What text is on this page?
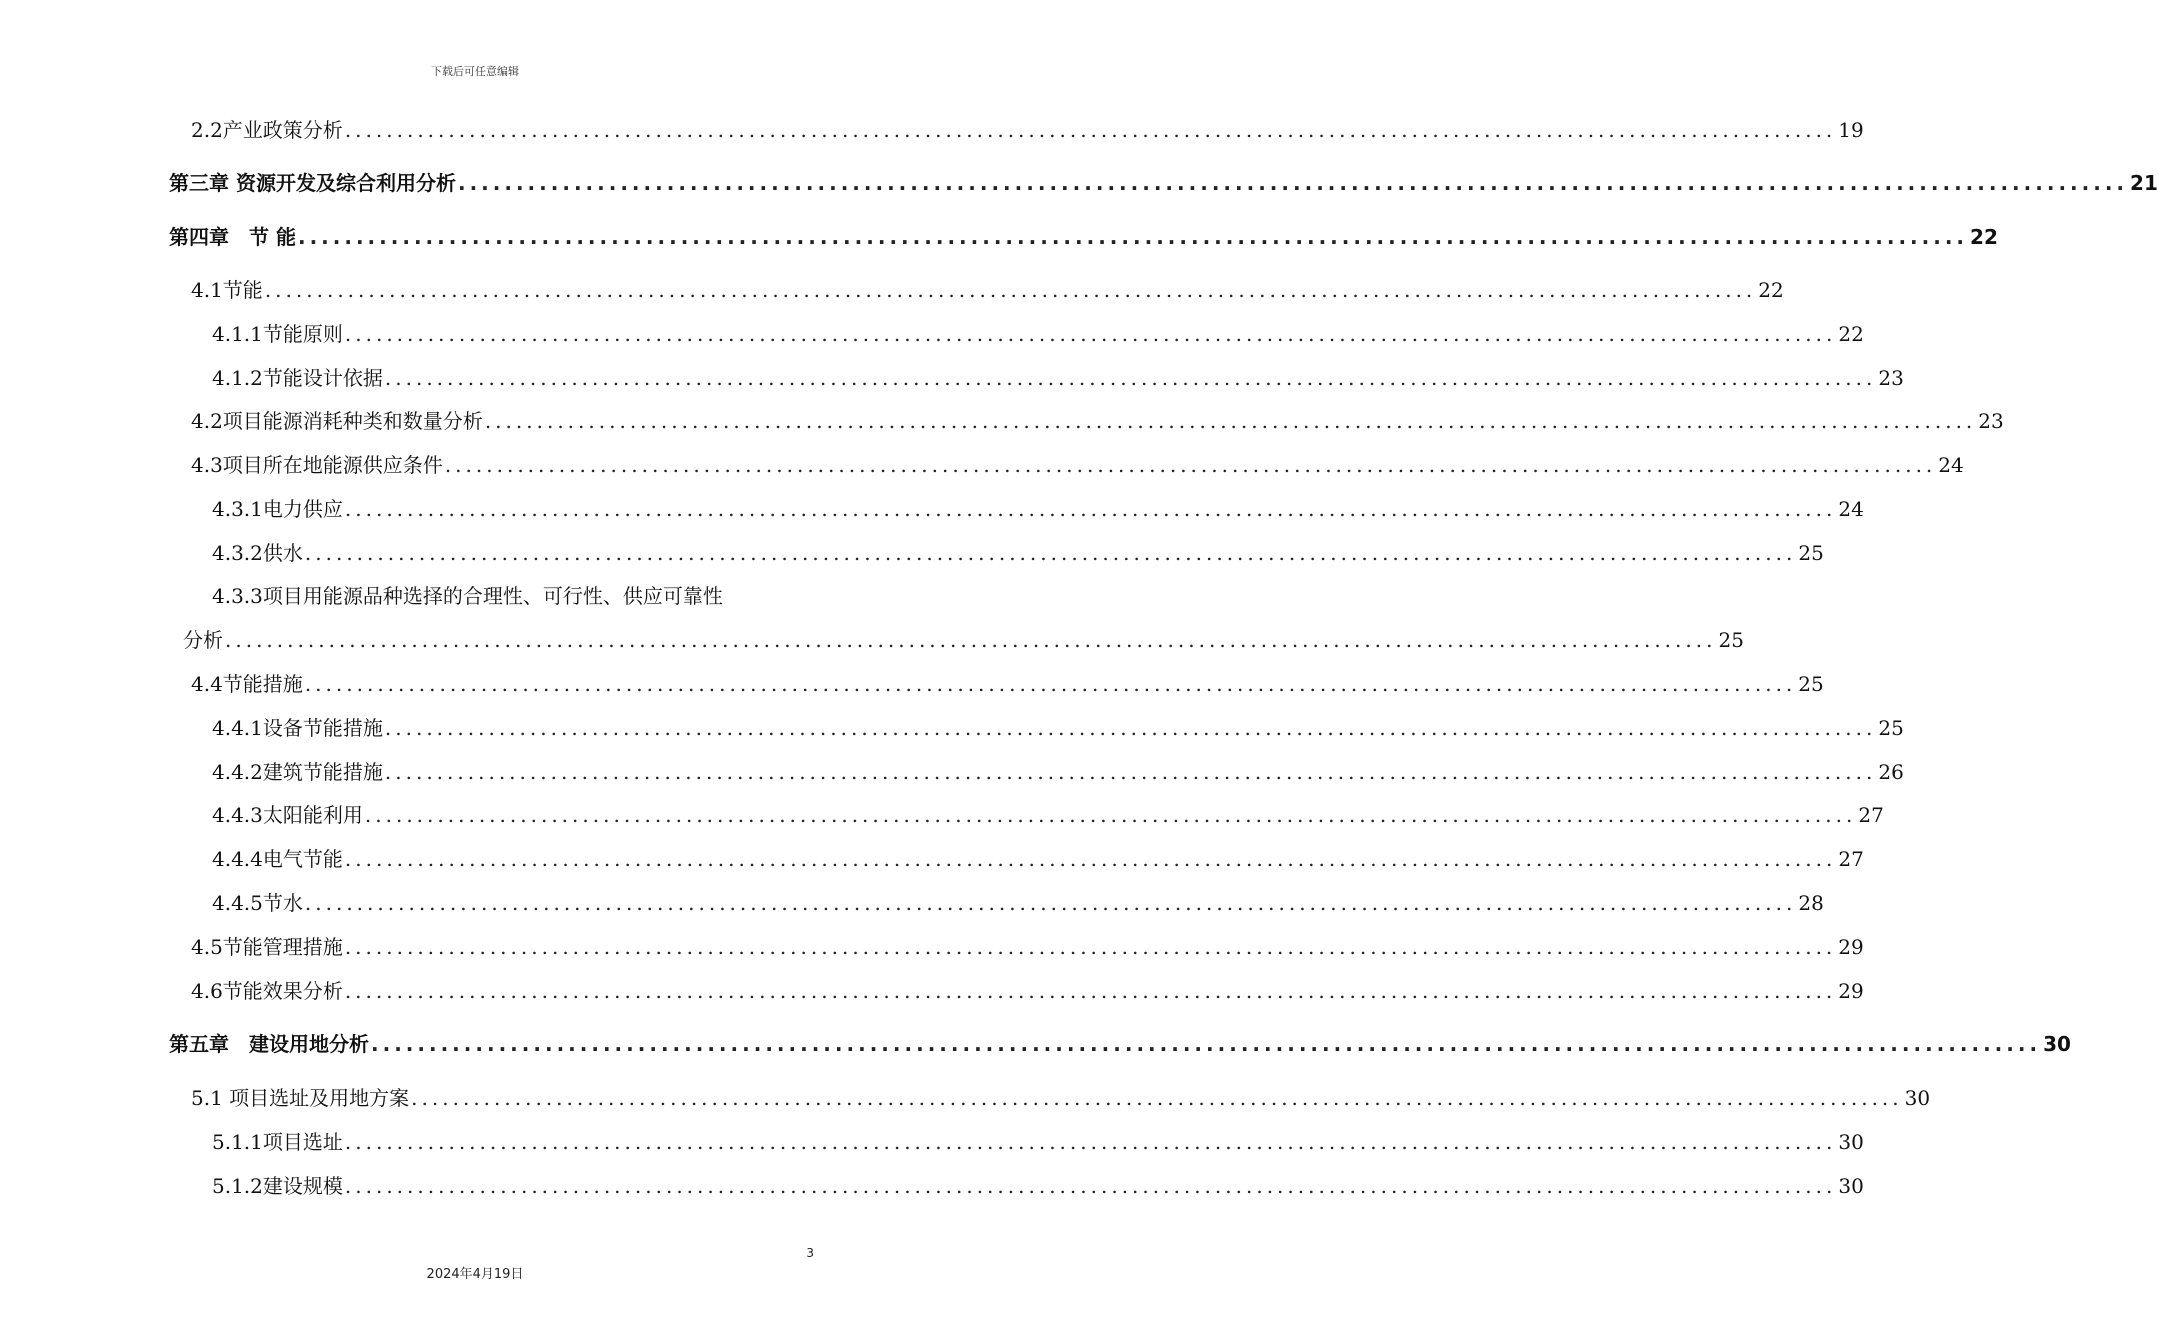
下载后可任意编辑
2.2产业政策分析 ................................................................................................................................................ 19
第三章 资源开发及综合利用分析 ................................................................................................................................................ 21
第四章　节 能 ................................................................................................................................................ 22
4.1节能 ................................................................................................................................................ 22
4.1.1节能原则 ................................................................................................................................................ 22
4.1.2节能设计依据 ................................................................................................................................................ 23
4.2项目能源消耗种类和数量分析 ................................................................................................................................................ 23
4.3项目所在地能源供应条件 ................................................................................................................................................ 24
4.3.1电力供应 ................................................................................................................................................ 24
4.3.2供水 ................................................................................................................................................ 25
4.3.3项目用能源品种选择的合理性、可行性、供应可靠性
分析 ................................................................................................................................................ 25
4.4节能措施 ................................................................................................................................................ 25
4.4.1设备节能措施 ................................................................................................................................................ 25
4.4.2建筑节能措施 ................................................................................................................................................ 26
4.4.3太阳能利用 ................................................................................................................................................ 27
4.4.4电气节能 ................................................................................................................................................ 27
4.4.5节水 ................................................................................................................................................ 28
4.5节能管理措施 ................................................................................................................................................ 29
4.6节能效果分析 ................................................................................................................................................ 29
第五章　建设用地分析 ................................................................................................................................................ 30
5.1 项目选址及用地方案 ................................................................................................................................................ 30
5.1.1项目选址 ................................................................................................................................................ 30
5.1.2建设规模 ................................................................................................................................................ 30
3
2024年4月19日
